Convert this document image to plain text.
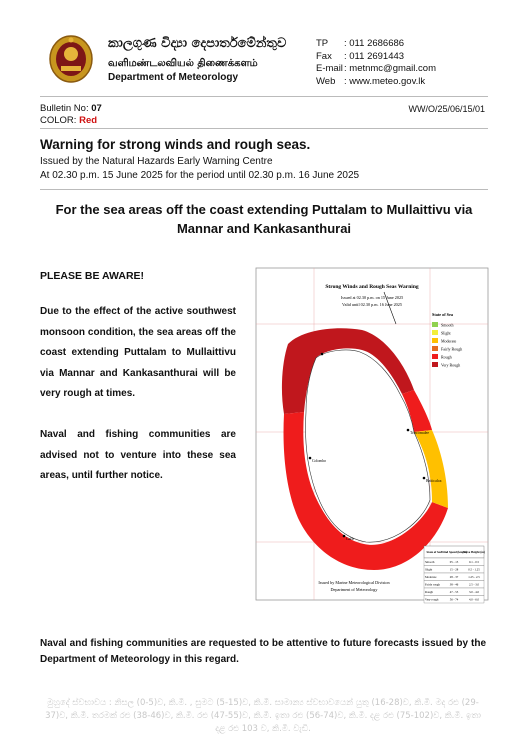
කාලගුණ විද්‍යා දෙපාර්තමේන්තුව
வளிமண்டலவியல் திணைக்களம்
Department of Meteorology
TP : 011 2686686
Fax : 011 2691443
E-mail: metnmc@gmail.com
Web : www.meteo.gov.lk
Bulletin No: 07
COLOR: Red
WW/O/25/06/15/01
Warning for strong winds and rough seas.
Issued by the Natural Hazards Early Warning Centre
At 02.30 p.m. 15 June 2025 for the period until 02.30 p.m. 16 June 2025
For the sea areas off the coast extending Puttalam to Mullaittivu via Mannar and Kankasanthurai
PLEASE BE AWARE!
Due to the effect of the active southwest monsoon condition, the sea areas off the coast extending Puttalam to Mullaittivu via Mannar and Kankasanthurai will be very rough at times.
Naval and fishing communities are advised not to venture into these sea areas, until further notice.
Strong Winds and Rough Seas Warning
Issued at 02.30 p.m. on 15 June 2025
Valid until 02.30 p.m. 16 June 2025
Trincomalee
Batticaloa
Colombo
Galle
State of Sea
Smooth
Slight
Moderate
Fairly Rough
Rough
Very Rough
State of Sea Wind Speed (kmph)
Wave Height (m)
Smooth	05 - 15	0.1 - 0.5
Slight	15 - 28	0.5 - 1.25
Moderate	28 - 37	1.25 - 2.5
Fairly rough	38 - 46	2.5 - 3.0
Rough	47 - 55	3.0 - 4.0
Very rough	56 - 74	4.0 - 6.0
Issued by Marine Meteorological Division
Department of Meteorology
Naval and fishing communities are requested to be attentive to future forecasts issued by the Department of Meteorology in this regard.
මුහුදේ ස්වභාවය : නිසල (0-5)ව, කි.මී. , සුමට (5-15)ව, කි.මී. සාමාන්‍ය ස්වභාවයෙන් යුතු (16-28)ව, කි.මී. මද රළු (29-37)ව, කි.මී. තරමක් රළු (38-46)ව, කි.මී. රළු (47-55)ව, කි.මී. ඉතා රළු (56-74)ව, කි.මී. දළ රළු (75-102)ව, කි.මී. ඉතා දළ රළු 103 ව, කි.මී. වැඩි.
